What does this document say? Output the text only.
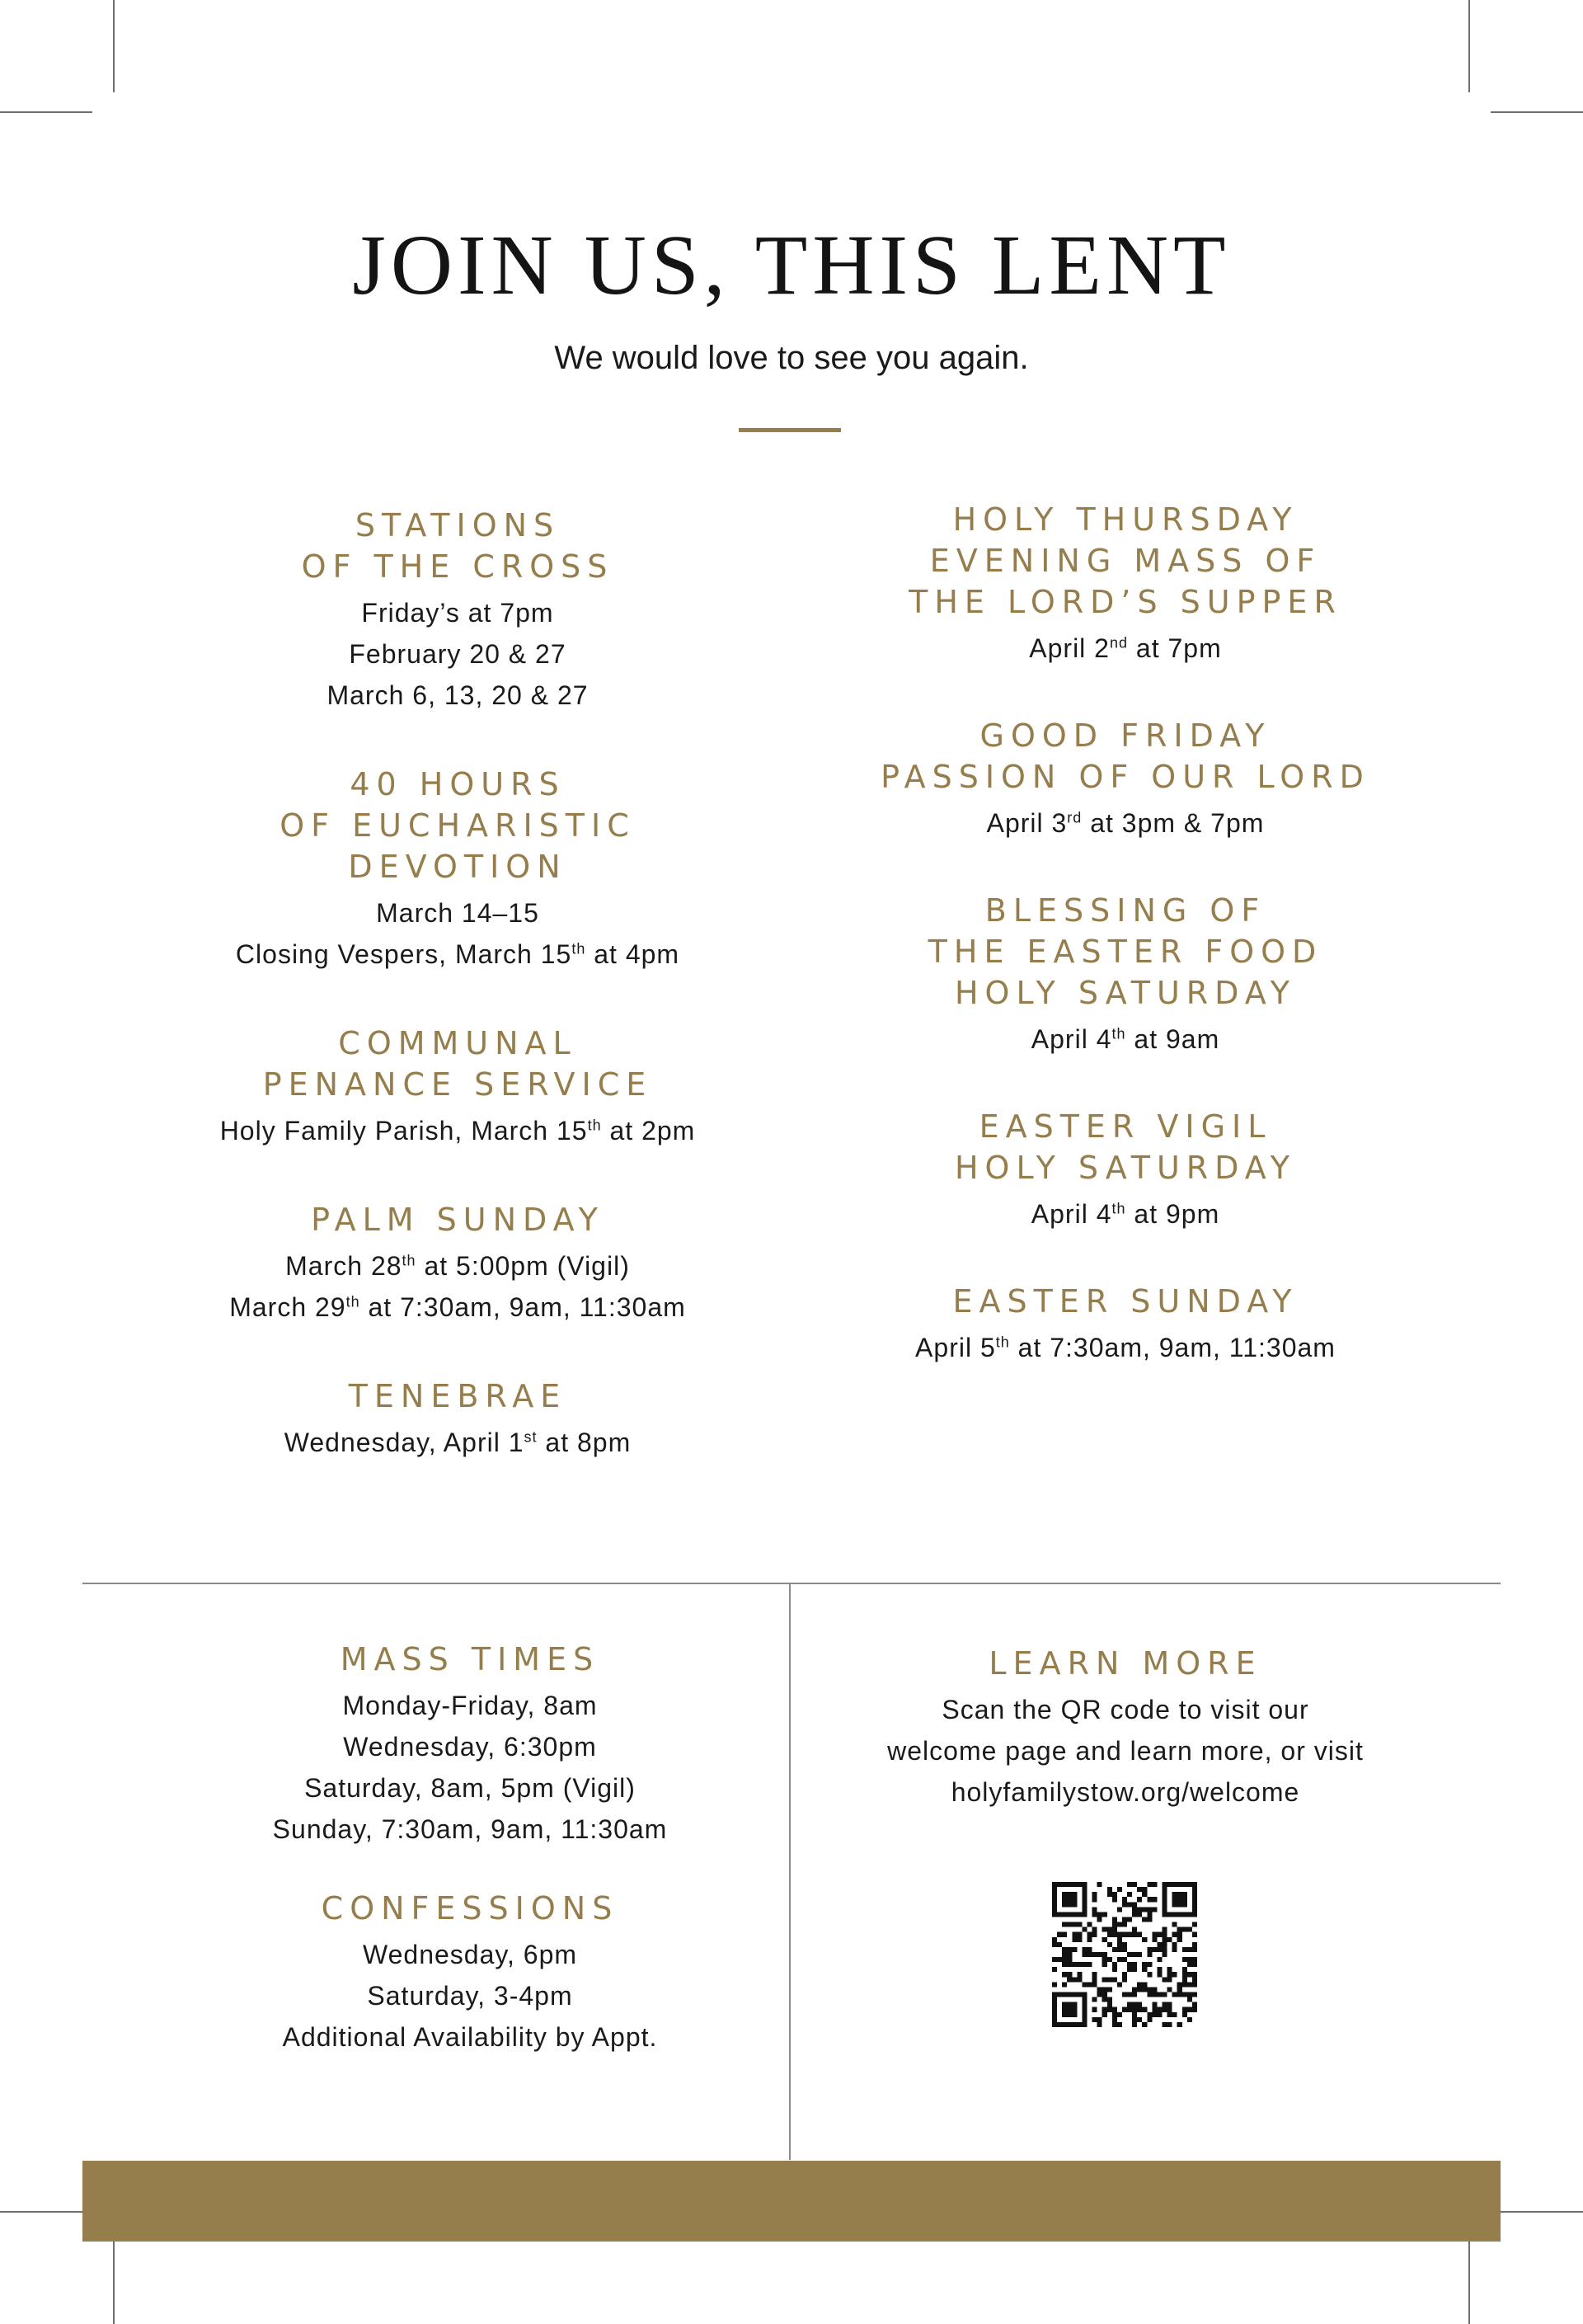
JOIN US, THIS LENT
We would love to see you again.
STATIONS
OF THE CROSS
Friday’s at 7pm
February 20 & 27
March 6, 13, 20 & 27
40 HOURS
OF EUCHARISTIC
DEVOTION
March 14–15
Closing Vespers, March 15th at 4pm
COMMUNAL
PENANCE SERVICE
Holy Family Parish, March 15th at 2pm
PALM SUNDAY
March 28th at 5:00pm (Vigil)
March 29th at 7:30am, 9am, 11:30am
TENEBRAE
Wednesday, April 1st at 8pm
HOLY THURSDAY
EVENING MASS OF
THE LORD’S SUPPER
April 2nd at 7pm
GOOD FRIDAY
PASSION OF OUR LORD
April 3rd at 3pm & 7pm
BLESSING OF
THE EASTER FOOD
HOLY SATURDAY
April 4th at 9am
EASTER VIGIL
HOLY SATURDAY
April 4th at 9pm
EASTER SUNDAY
April 5th at 7:30am, 9am, 11:30am
MASS TIMES
Monday-Friday, 8am
Wednesday, 6:30pm
Saturday, 8am, 5pm (Vigil)
Sunday, 7:30am, 9am, 11:30am
CONFESSIONS
Wednesday, 6pm
Saturday, 3-4pm
Additional Availability by Appt.
LEARN MORE
Scan the QR code to visit our
welcome page and learn more, or visit
holyfamilystow.org/welcome
